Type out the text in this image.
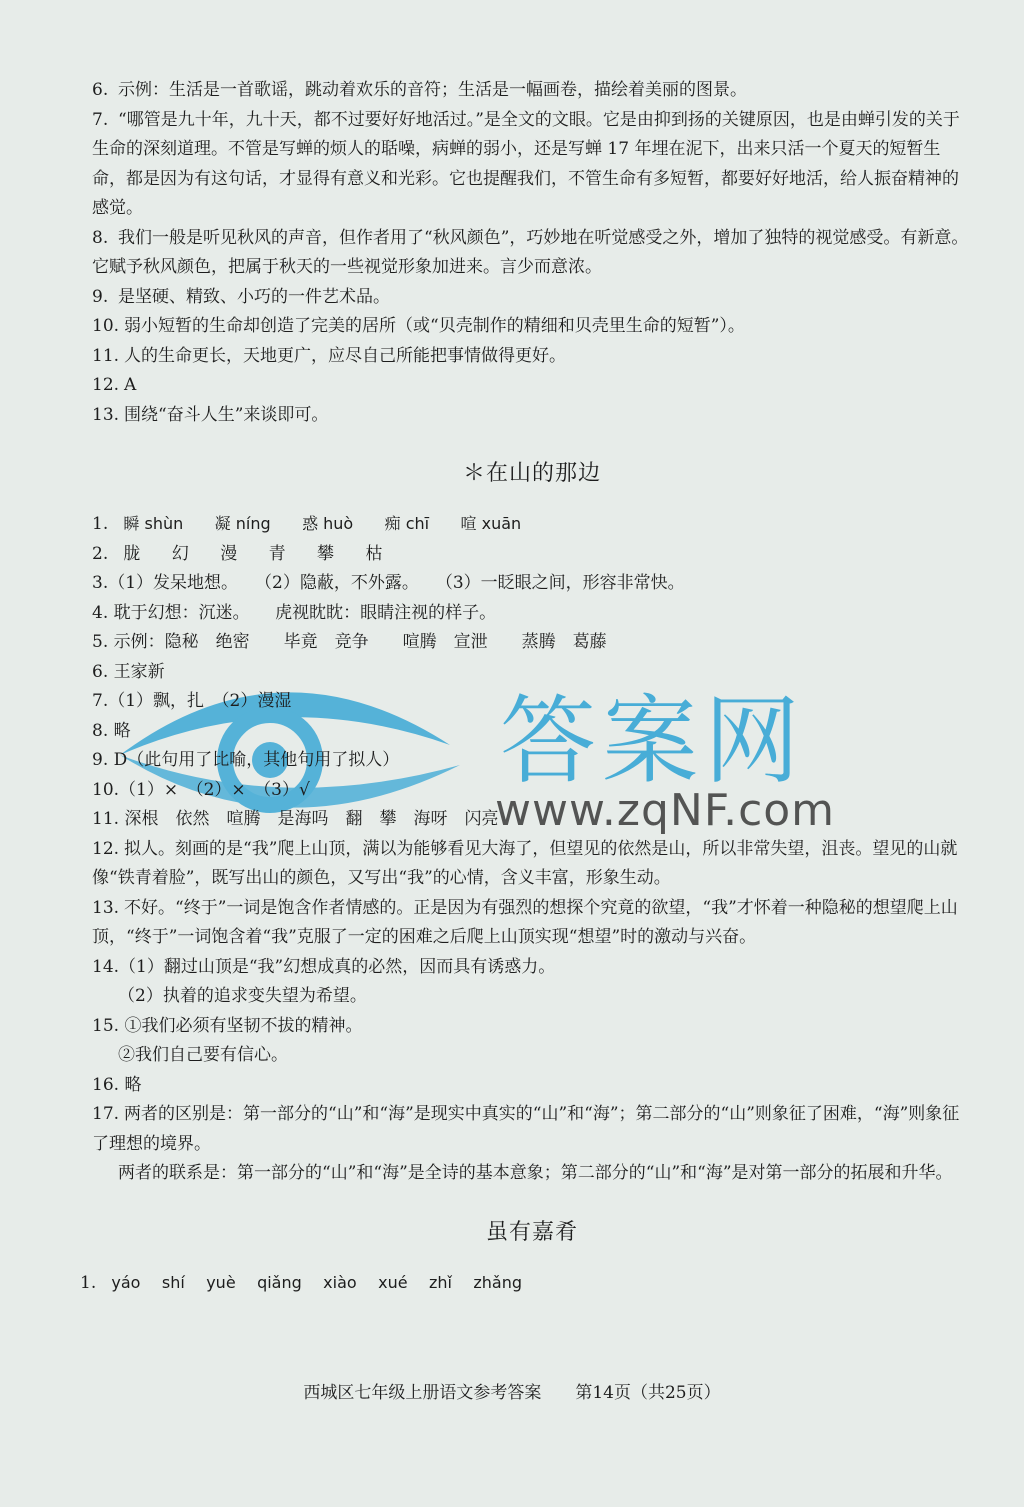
答案网
www.zqNF.com
6. 示例：生活是一首歌谣，跳动着欢乐的音符；生活是一幅画卷，描绘着美丽的图景。
7. “哪管是九十年，九十天，都不过要好好地活过。”是全文的文眼。它是由抑到扬的关键原因，也是由蝉引发的关于生命的深刻道理。不管是写蝉的烦人的聒噪，病蝉的弱小，还是写蝉 17 年埋在泥下，出来只活一个夏天的短暂生命，都是因为有这句话，才显得有意义和光彩。它也提醒我们，不管生命有多短暂，都要好好地活，给人振奋精神的感觉。
8. 我们一般是听见秋风的声音，但作者用了“秋风颜色”，巧妙地在听觉感受之外，增加了独特的视觉感受。有新意。它赋予秋风颜色，把属于秋天的一些视觉形象加进来。言少而意浓。
9. 是坚硬、精致、小巧的一件艺术品。
10. 弱小短暂的生命却创造了完美的居所（或“贝壳制作的精细和贝壳里生命的短暂”）。
11. 人的生命更长，天地更广，应尽自己所能把事情做得更好。
12. A
13. 围绕“奋斗人生”来谈即可。
＊在山的那边
1. 瞬 shùn 凝 níng 惑 huò 痴 chī 喧 xuān
2. 胧 幻 漫 青 攀 枯
3.（1）发呆地想。　　（2）隐蔽，不外露。　　（3）一眨眼之间，形容非常快。
4. 耽于幻想：沉迷。　　虎视眈眈：眼睛注视的样子。
5. 示例：隐秘　绝密　　毕竟　竞争　　喧腾　宣泄　　蒸腾　葛藤
6. 王家新
7.（1）飘，扎　（2）漫湿
8. 略
9. D（此句用了比喻，其他句用了拟人）
10.（1）×　（2）×　（3）√
11. 深根　依然　喧腾　是海吗　翻　攀　海呀　闪亮
12. 拟人。刻画的是“我”爬上山顶，满以为能够看见大海了，但望见的依然是山，所以非常失望，沮丧。望见的山就像“铁青着脸”，既写出山的颜色，又写出“我”的心情，含义丰富，形象生动。
13. 不好。“终于”一词是饱含作者情感的。正是因为有强烈的想探个究竟的欲望，“我”才怀着一种隐秘的想望爬上山顶，“终于”一词饱含着“我”克服了一定的困难之后爬上山顶实现“想望”时的激动与兴奋。
14.（1）翻过山顶是“我”幻想成真的必然，因而具有诱惑力。
（2）执着的追求变失望为希望。
15. ①我们必须有坚韧不拔的精神。
②我们自己要有信心。
16. 略
17. 两者的区别是：第一部分的“山”和“海”是现实中真实的“山”和“海”；第二部分的“山”则象征了困难，“海”则象征了理想的境界。
两者的联系是：第一部分的“山”和“海”是全诗的基本意象；第二部分的“山”和“海”是对第一部分的拓展和升华。
虽有嘉肴
1. yáo shí yuè qiǎng xiào xué zhǐ zhǎng
西城区七年级上册语文参考答案　　第14页（共25页）
